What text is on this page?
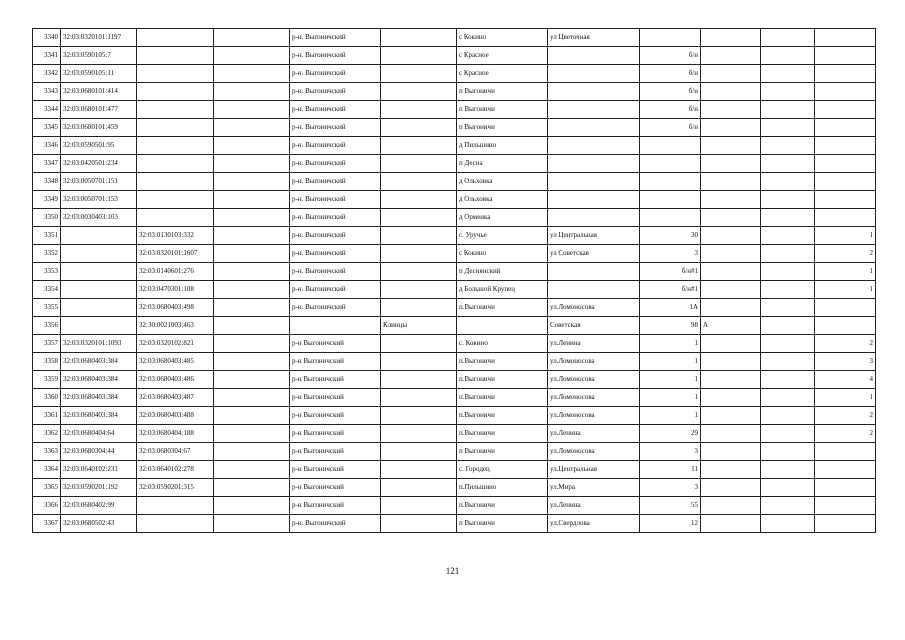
3340	32:03:0320101:1197			р-н. Выгоничский		с Кокино	ул Цветочная				
3341	32:03:0590105:7			р-н. Выгоничский		с Красное		б/н			
3342	32:03:0590105:11			р-н. Выгоничский		с Красное		б/н			
3343	32:03:0680101:414			р-н. Выгоничский		п Выгоничи		б/н			
3344	32:03:0680101:477			р-н. Выгоничский		п Выгоничи		б/н			
3345	32:03:0680101:459			р-н. Выгоничский		п Выгоничи		б/н			
3346	32:03:0590501:95			р-н. Выгоничский		д Пильшино					
3347	32:03:0420501:234			р-н. Выгоничский		п Десна					
3348	32:03:0050701:151			р-н. Выгоничский		д Ольховка					
3349	32:03:0050701:153			р-н. Выгоничский		д Ольховка					
3350	32:03:0030403:103			р-н. Выгоничский		д Орменка					
3351		32:03:0130103:332		р-н. Выгоничский		с. Уручье	ул Центральная	30			1
3352		32:03:0320101:1607		р-н. Выгоничский		с Кокино	ул Советская	3			2
3353		32:03:0140601:276		р-н. Выгоничский		п Деснянский		б/н#1			1
3354		32:03:0470301:108		р-н. Выгоничский		д Большой Крупец		б/н#1			1
3355		32:03:0680403:498		р-н. Выгоничский		п.Выгоничи	ул.Ломоносова	1А			
3356		32:30:0021003:463			Клинцы		Советская	98	А		
3357	32:03:0320101:1093	32:03:0320102:821		р-н Выгоничский		с. Кокино	ул.Ленина	1			2
3358	32:03:0680403:384	32:03:0680403:485		р-н Выгоничский		п.Выгоничи	ул.Ломоносова	1			3
3359	32:03:0680403:384	32:03:0680403:486		р-н Выгоничский		п.Выгоничи	ул.Ломоносова	1			4
3360	32:03:0680403:384	32:03:0680403:487		р-н Выгоничский		п.Выгоничи	ул.Ломоносова	1			1
3361	32:03:0680403:384	32:03:0680403:488		р-н Выгоничский		п.Выгоничи	ул.Ломоносова	1			2
3362	32:03:0680404:64	32:03:0680404:188		р-н Выгоничский		п.Выгоничи	ул.Ленина	29			2
3363	32:03:0680304:44	32:03:0680304:67		р-н Выгоничский		п Выгоничи	ул.Ломоносова	3			
3364	32:03:0640102:231	32:03:0640102:278		р-н Выгоничский		с. Городец	ул.Центральная	11			
3365	32:03:0590201:192	32:03:0590201:315		р-н Выгоничский		п.Пильшино	ул.Мира	3			
3366	32:03:0680402:99			р-н Выгоничский		п.Выгоничи	ул.Ленина	55			
3367	32:03:0680502:43			р-н. Выгоничский		п Выгоничи	ул.Свердлова	12			
121
